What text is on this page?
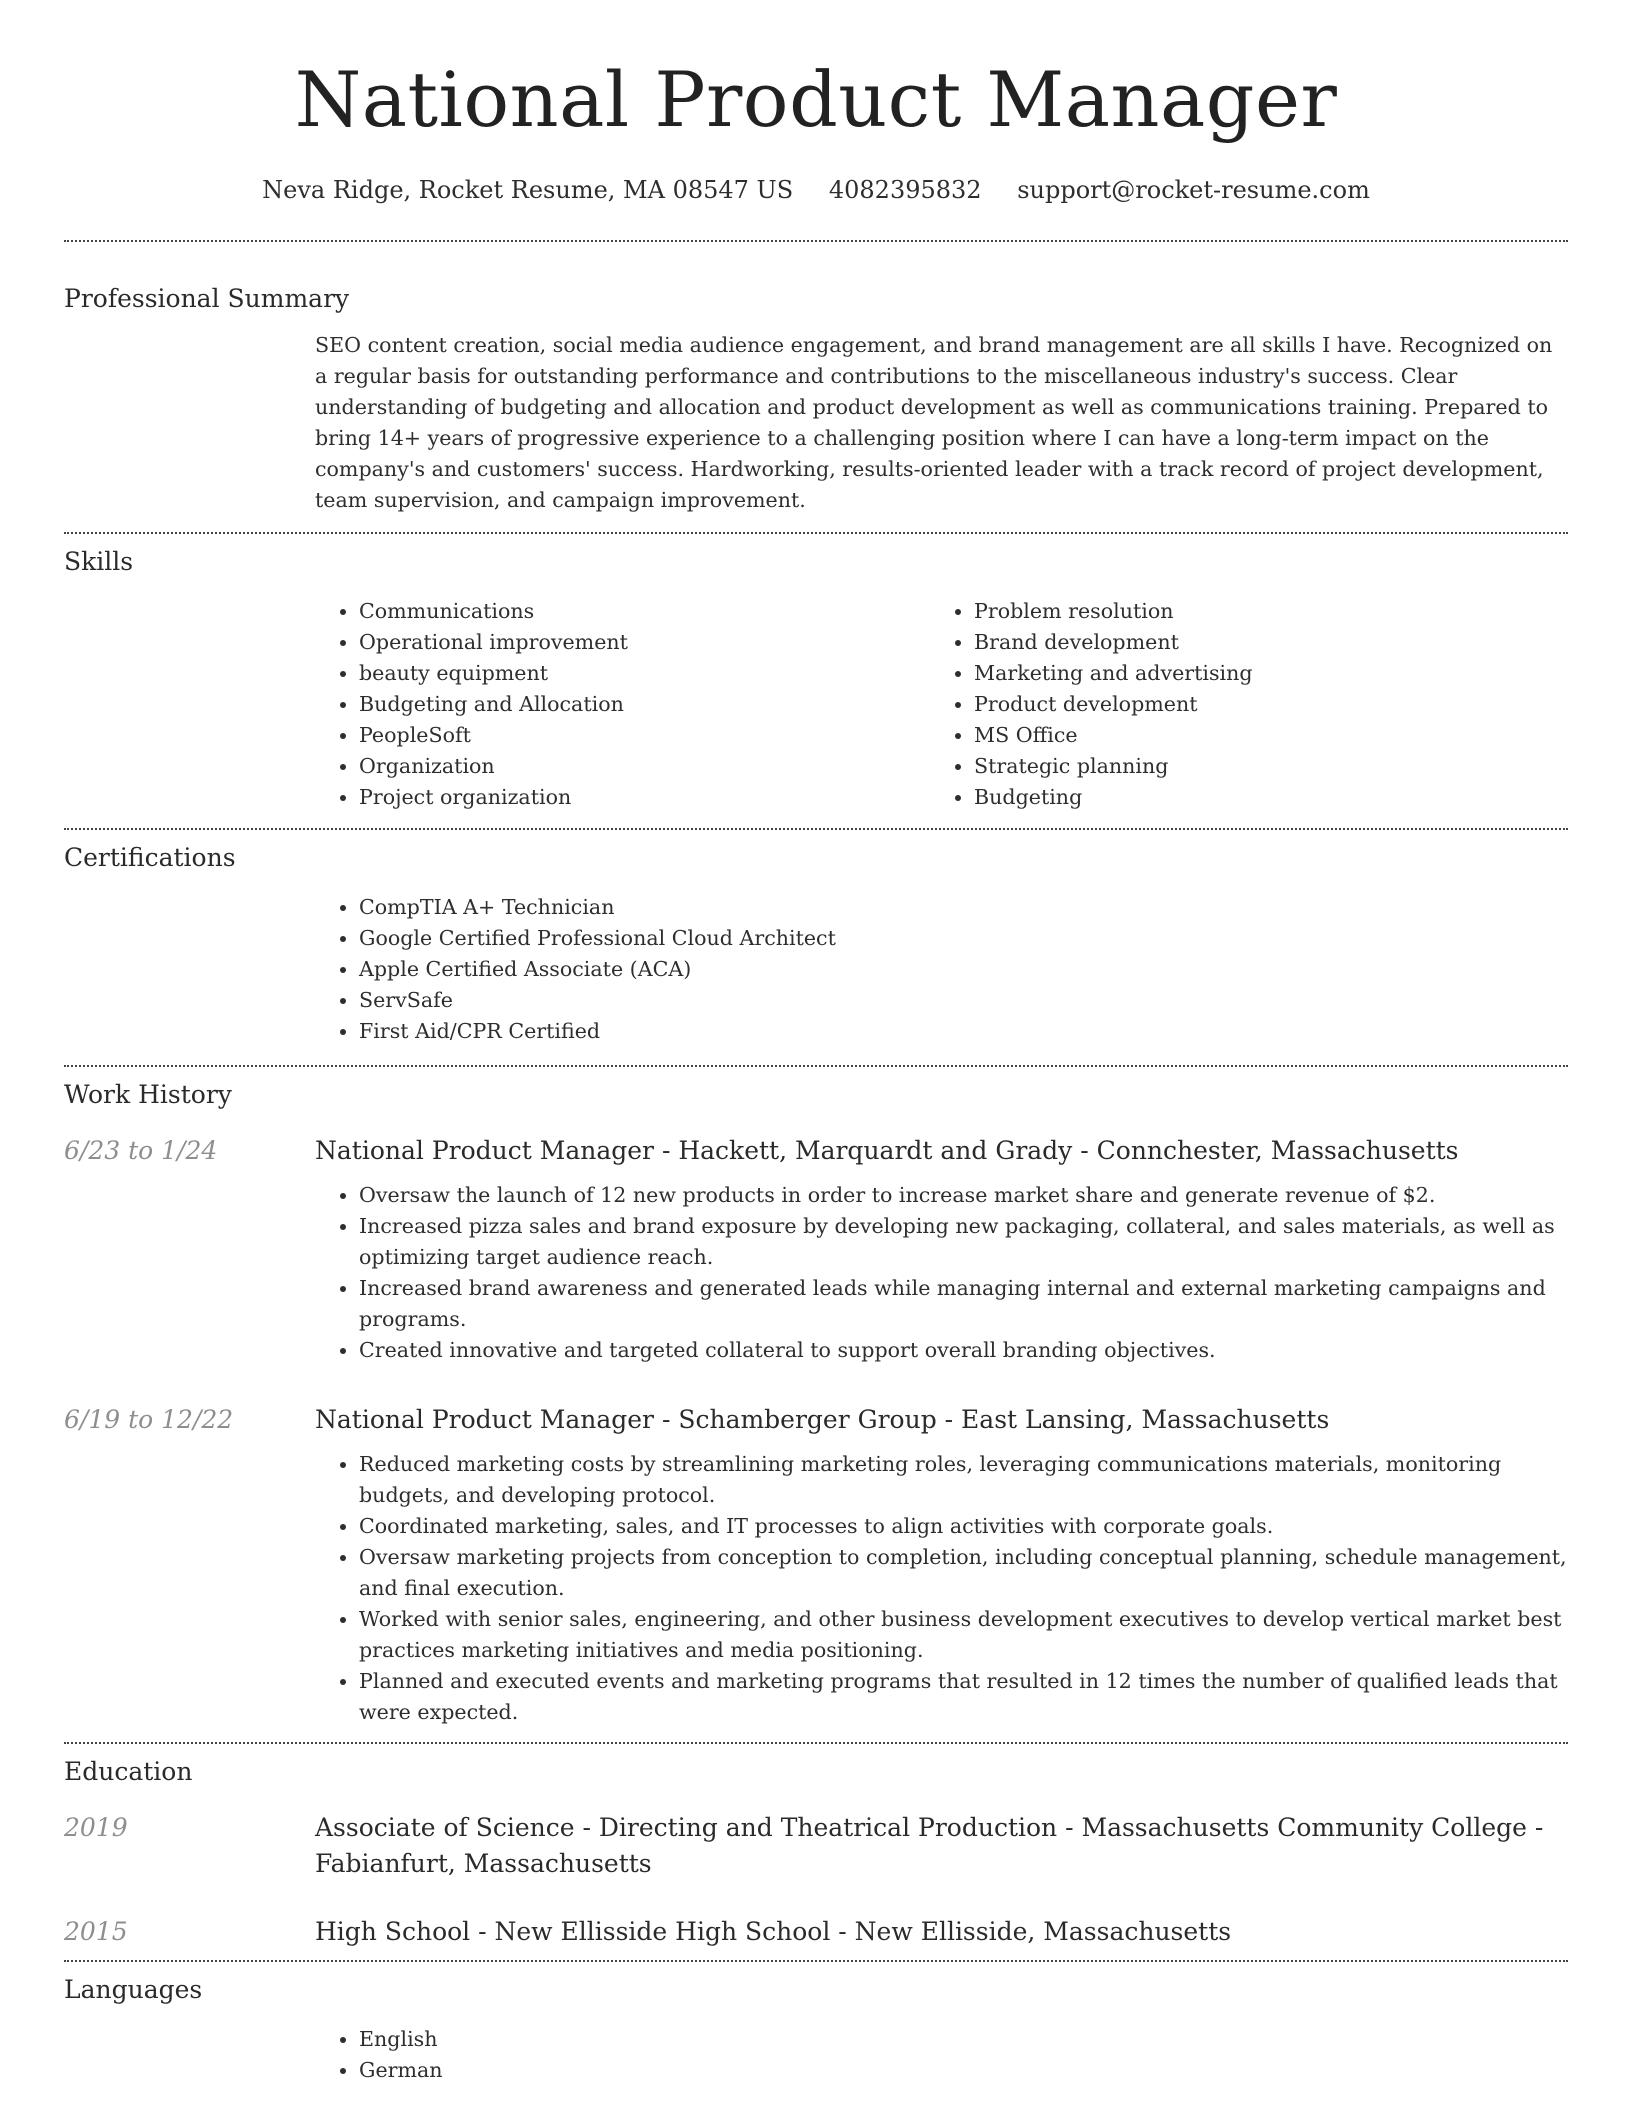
National Product Manager
Neva Ridge, Rocket Resume, MA 08547 US 4082395832 support@rocket-resume.com
Professional Summary
SEO content creation, social media audience engagement, and brand management are all skills I have. Recognized on a regular basis for outstanding performance and contributions to the miscellaneous industry's success. Clear understanding of budgeting and allocation and product development as well as communications training. Prepared to bring 14+ years of progressive experience to a challenging position where I can have a long-term impact on the company's and customers' success. Hardworking, results-oriented leader with a track record of project development, team supervision, and campaign improvement.
Skills
• Communications
• Operational improvement
• beauty equipment
• Budgeting and Allocation
• PeopleSoft
• Organization
• Project organization
• Problem resolution
• Brand development
• Marketing and advertising
• Product development
• MS Office
• Strategic planning
• Budgeting
Certifications
• CompTIA A+ Technician
• Google Certified Professional Cloud Architect
• Apple Certified Associate (ACA)
• ServSafe
• First Aid/CPR Certified
Work History
6/23 to 1/24	National Product Manager - Hackett, Marquardt and Grady - Connchester, Massachusetts

• Oversaw the launch of 12 new products in order to increase market share and generate revenue of $2.
• Increased pizza sales and brand exposure by developing new packaging, collateral, and sales materials, as well as optimizing target audience reach.
• Increased brand awareness and generated leads while managing internal and external marketing campaigns and programs.
• Created innovative and targeted collateral to support overall branding objectives.
6/19 to 12/22	National Product Manager - Schamberger Group - East Lansing, Massachusetts

• Reduced marketing costs by streamlining marketing roles, leveraging communications materials, monitoring budgets, and developing protocol.
• Coordinated marketing, sales, and IT processes to align activities with corporate goals.
• Oversaw marketing projects from conception to completion, including conceptual planning, schedule management, and final execution.
• Worked with senior sales, engineering, and other business development executives to develop vertical market best practices marketing initiatives and media positioning.
• Planned and executed events and marketing programs that resulted in 12 times the number of qualified leads that were expected.
Education
2019	Associate of Science - Directing and Theatrical Production - Massachusetts Community College - Fabianfurt, Massachusetts

2015	High School - New Ellisside High School - New Ellisside, Massachusetts

Languages
• English
• German
